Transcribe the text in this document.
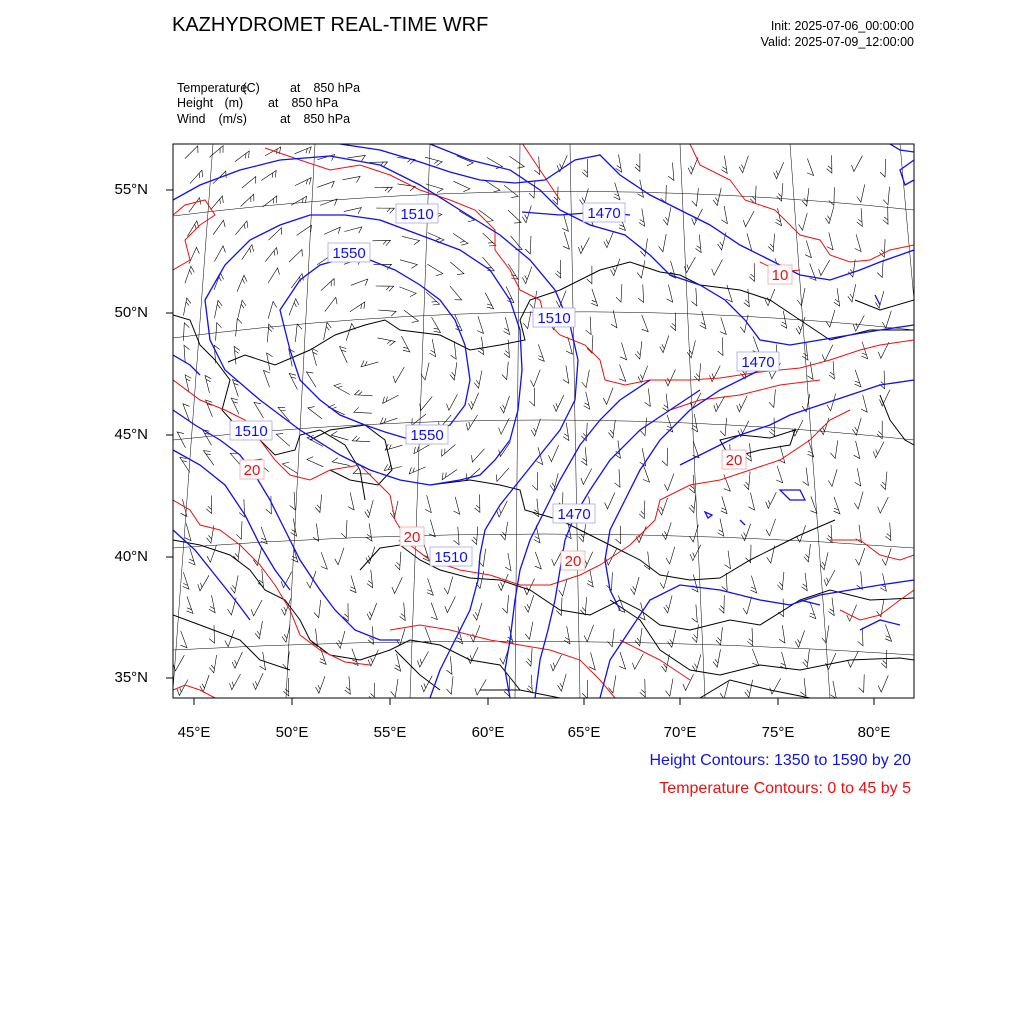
1510	1470
1550
1510
1470
1510	1550
1470
1510
10
20
20
20
20
KAZHYDROMET REAL-TIME WRF	Init: 2025-07-06_00:00:00
Valid: 2025-07-09_12:00:00
Temperature (C) at 850 hPa
Height (m) at 850 hPa
Wind (m/s)	at 850 hPa
55°N
50°N
45°N
40°N
35°N
45°E	50°E	55°E	60°E	65°E	70°E	75°E	80°E
Height Contours: 1350 to 1590 by 20
Temperature Contours: 0 to 45 by 5
